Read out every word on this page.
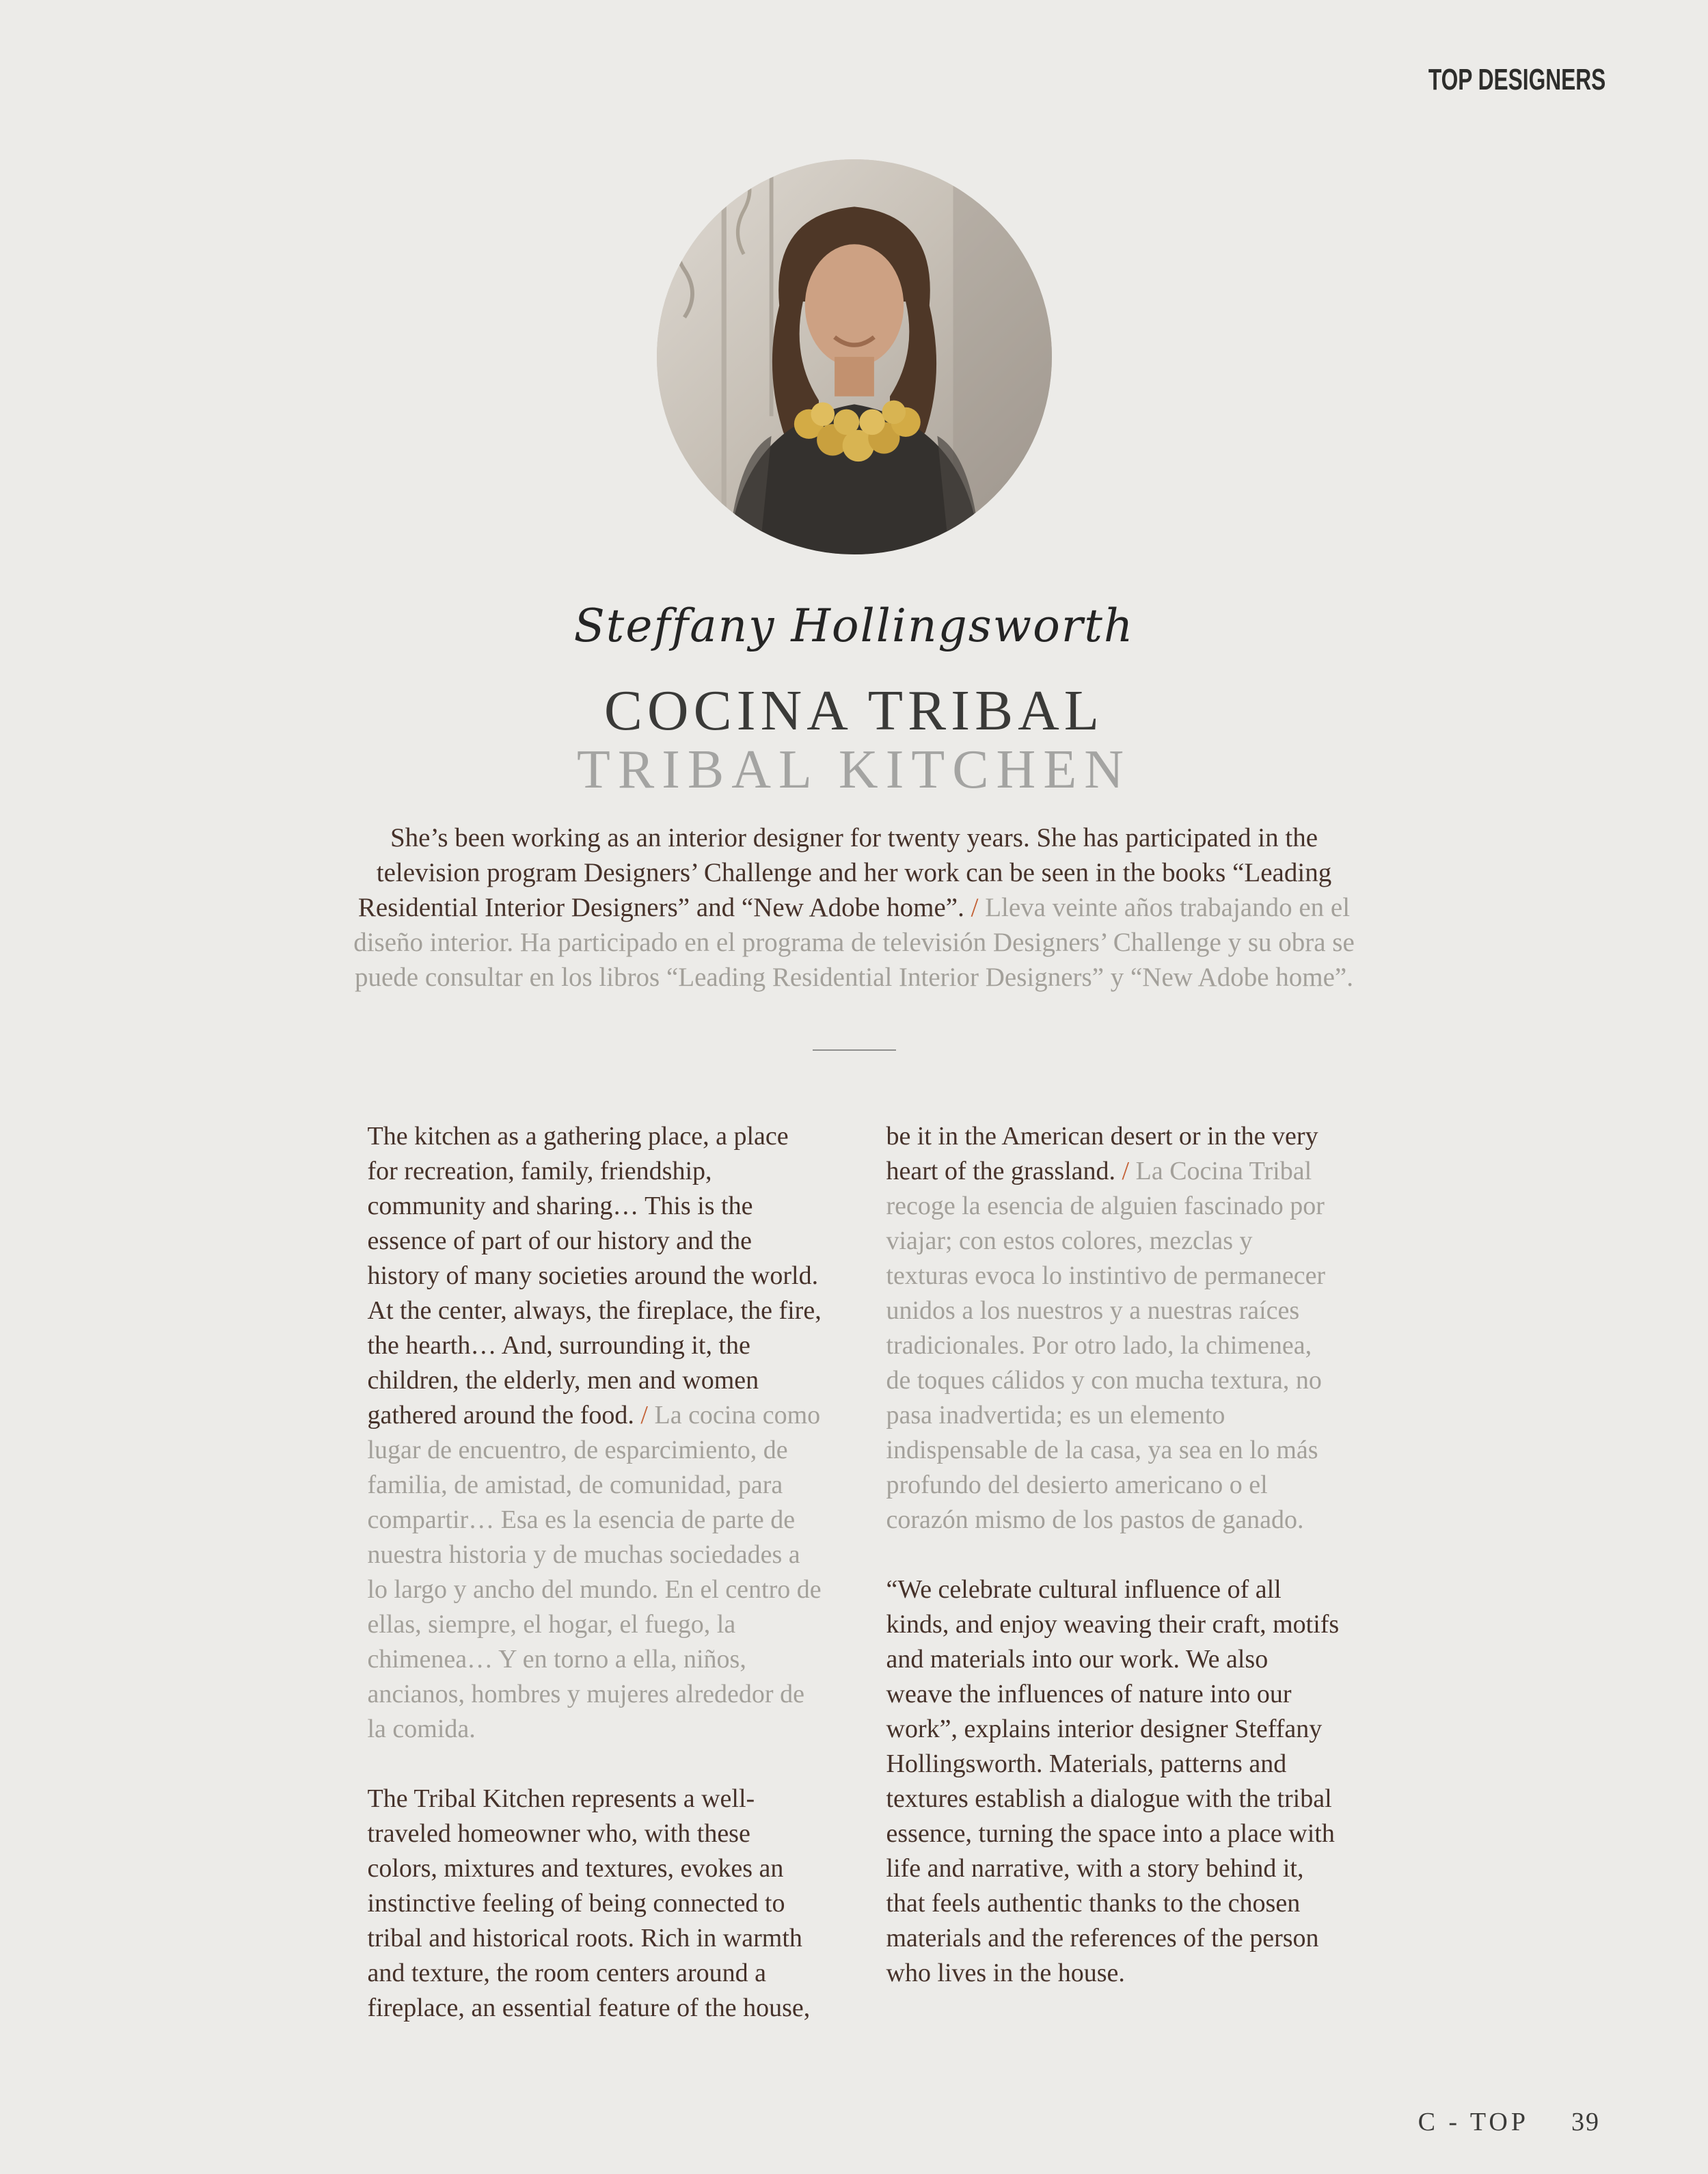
TOP DESIGNERS
Steffany Hollingsworth
COCINA TRIBAL
TRIBAL KITCHEN

She’s been working as an interior designer for twenty years. She has participated in the television program Designers’ Challenge and her work can be seen in the books “Leading Residential Interior Designers” and “New Adobe home”. / Lleva veinte años trabajando en el diseño interior. Ha participado en el programa de televisión Designers’ Challenge y su obra se puede consultar en los libros “Leading Residential Interior Designers” y “New Adobe home”.

The kitchen as a gathering place, a place for recreation, family, friendship, community and sharing… This is the essence of part of our history and the history of many societies around the world. At the center, always, the fireplace, the fire, the hearth… And, surrounding it, the children, the elderly, men and women gathered around the food. / La cocina como lugar de encuentro, de esparcimiento, de familia, de amistad, de comunidad, para compartir… Esa es la esencia de parte de nuestra historia y de muchas sociedades a lo largo y ancho del mundo. En el centro de ellas, siempre, el hogar, el fuego, la chimenea… Y en torno a ella, niños, ancianos, hombres y mujeres alrededor de la comida.

The Tribal Kitchen represents a well-traveled homeowner who, with these colors, mixtures and textures, evokes an instinctive feeling of being connected to tribal and historical roots. Rich in warmth and texture, the room centers around a fireplace, an essential feature of the house,

be it in the American desert or in the very heart of the grassland. / La Cocina Tribal recoge la esencia de alguien fascinado por viajar; con estos colores, mezclas y texturas evoca lo instintivo de permanecer unidos a los nuestros y a nuestras raíces tradicionales. Por otro lado, la chimenea, de toques cálidos y con mucha textura, no pasa inadvertida; es un elemento indispensable de la casa, ya sea en lo más profundo del desierto americano o el corazón mismo de los pastos de ganado.

“We celebrate cultural influence of all kinds, and enjoy weaving their craft, motifs and materials into our work. We also weave the influences of nature into our work”, explains interior designer Steffany Hollingsworth. Materials, patterns and textures establish a dialogue with the tribal essence, turning the space into a place with life and narrative, with a story behind it, that feels authentic thanks to the chosen materials and the references of the person who lives in the house.

C - TOP 39
